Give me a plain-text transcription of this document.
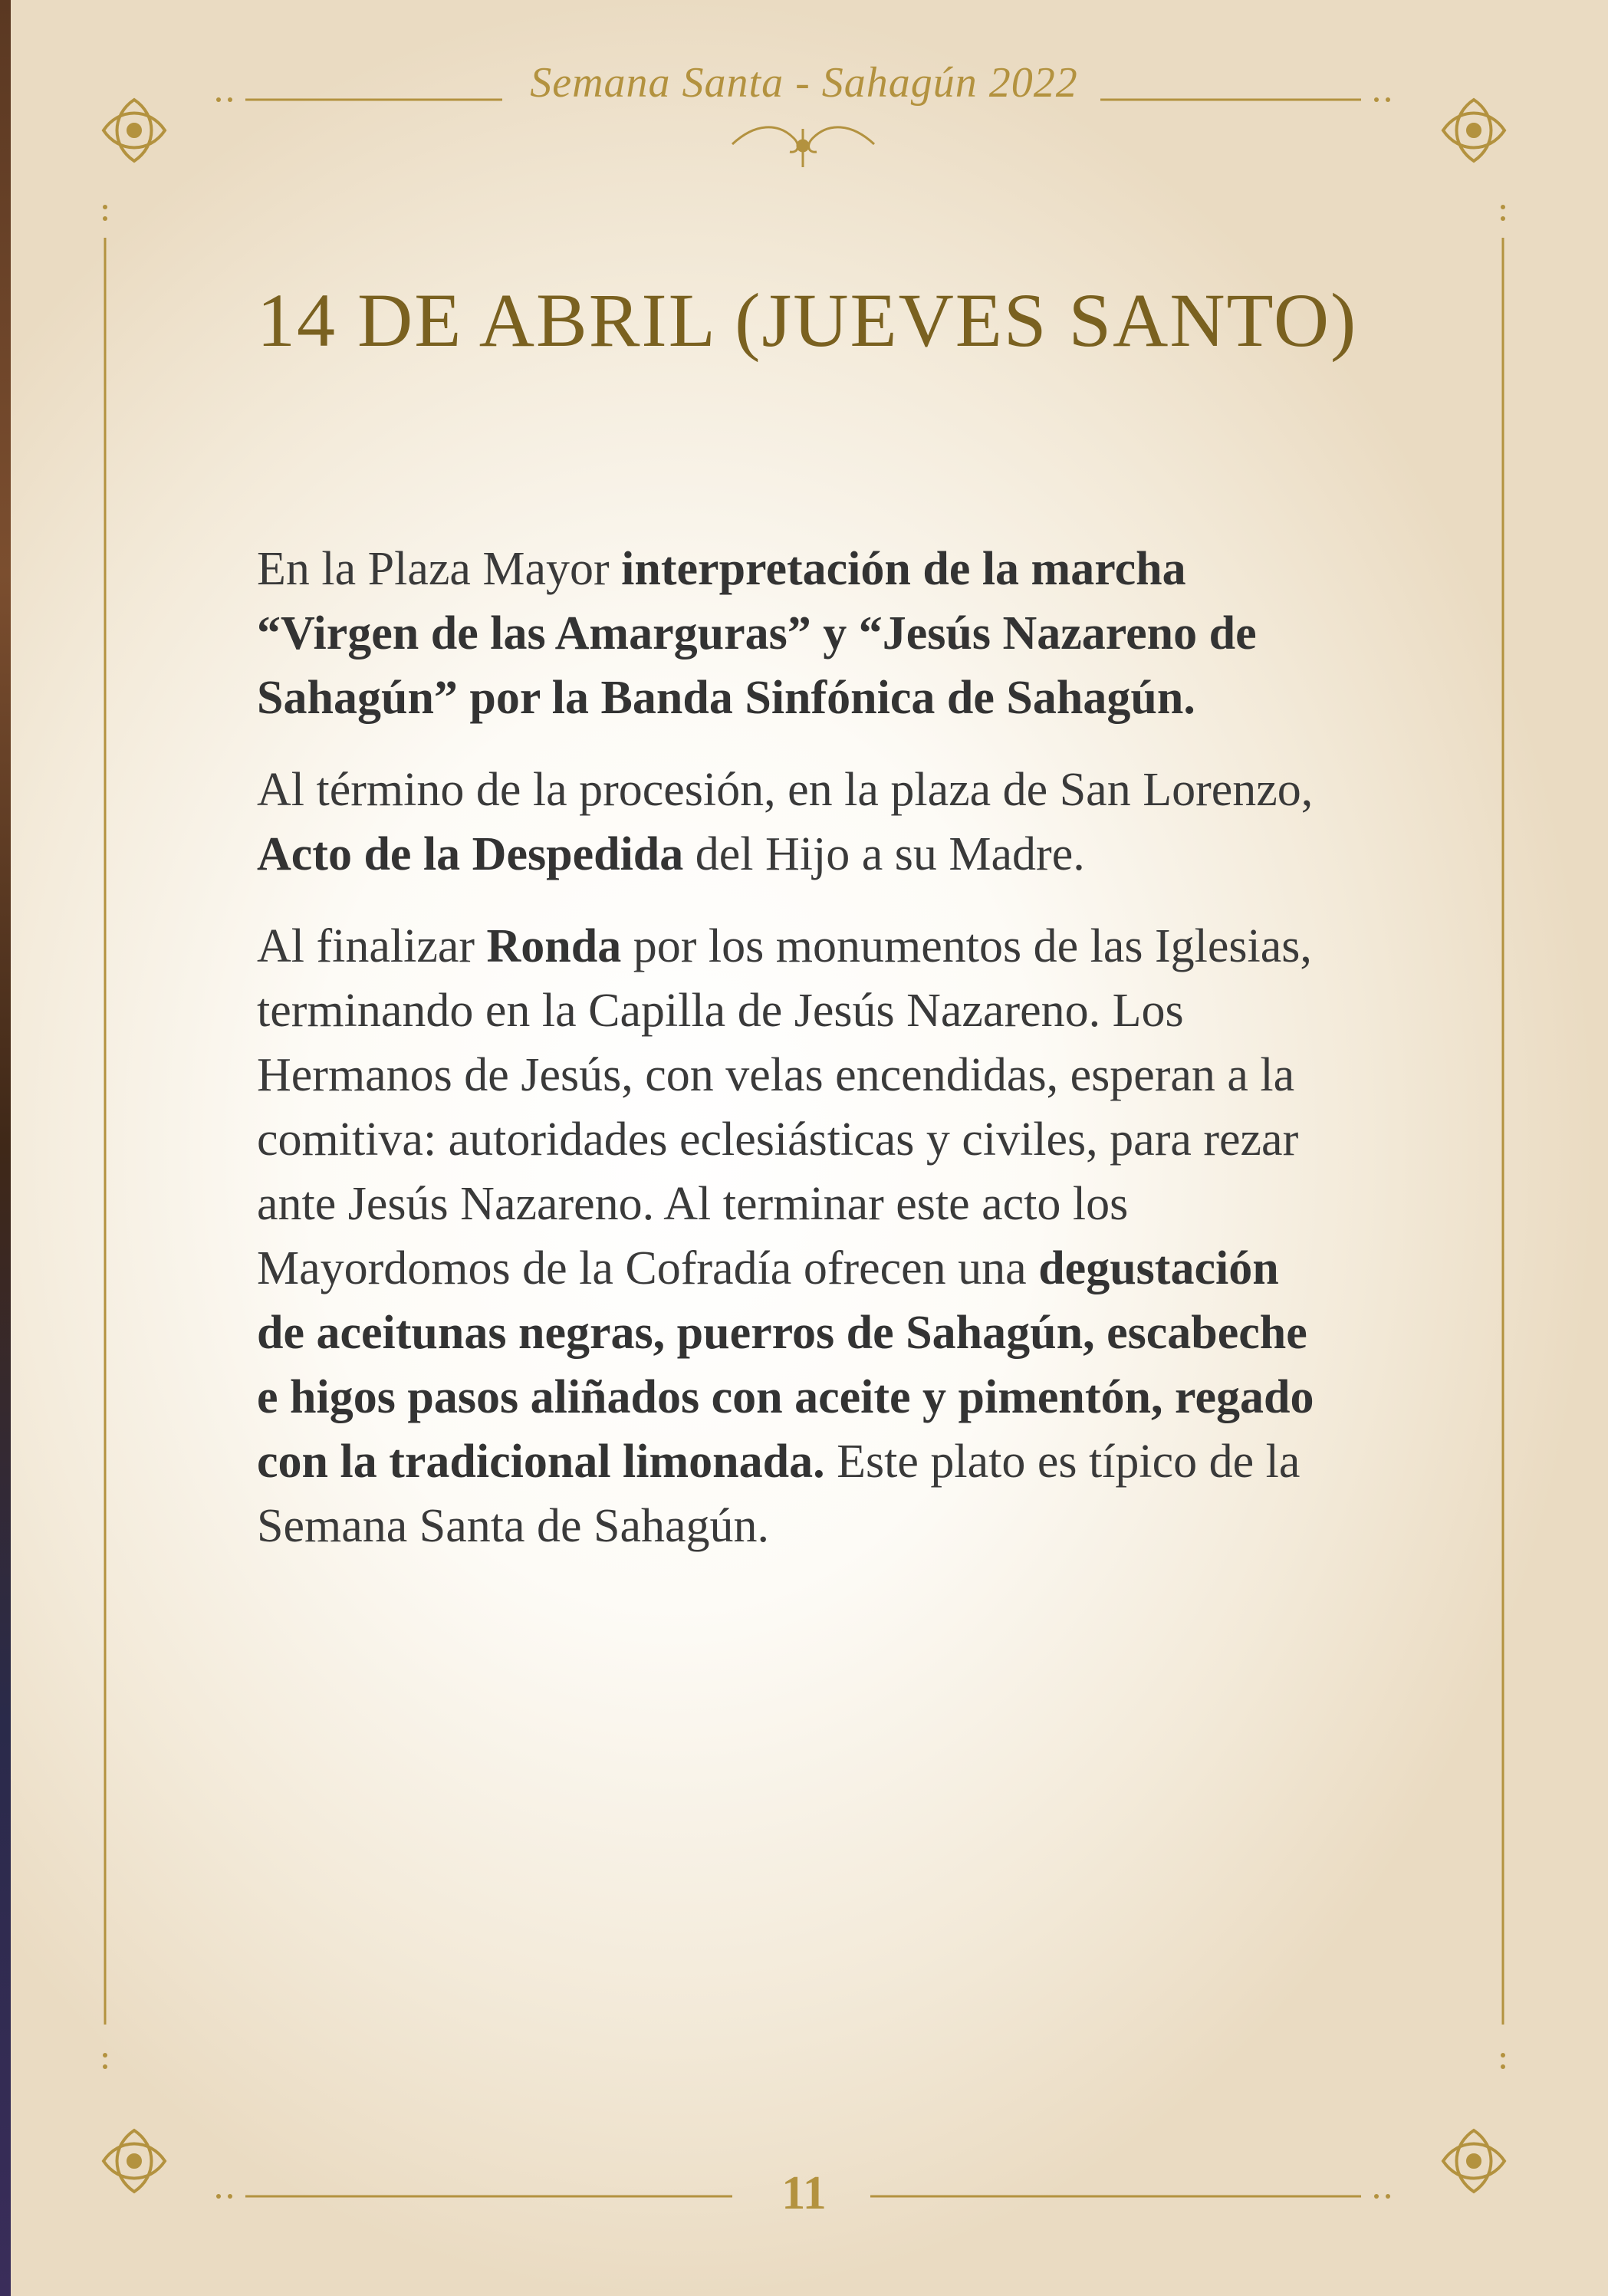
Semana Santa - Sahagún 2022
14 DE ABRIL (JUEVES SANTO)

En la Plaza Mayor interpretación de la marcha “Virgen de las Amarguras” y “Jesús Nazareno de Sahagún” por la Banda Sinfónica de Sahagún.

Al término de la procesión, en la plaza de San Lorenzo, Acto de la Despedida del Hijo a su Madre.

Al finalizar Ronda por los monumentos de las Iglesias, terminando en la Capilla de Jesús Nazareno. Los Hermanos de Jesús, con velas encendidas, esperan a la comitiva: autoridades eclesiásticas y civiles, para rezar ante Jesús Nazareno. Al terminar este acto los Mayordomos de la Cofradía ofrecen una degustación de aceitunas negras, puerros de Sahagún, escabeche e higos pasos aliñados con aceite y pimentón, regado con la tradicional limonada. Este plato es típico de la Semana Santa de Sahagún.

11
